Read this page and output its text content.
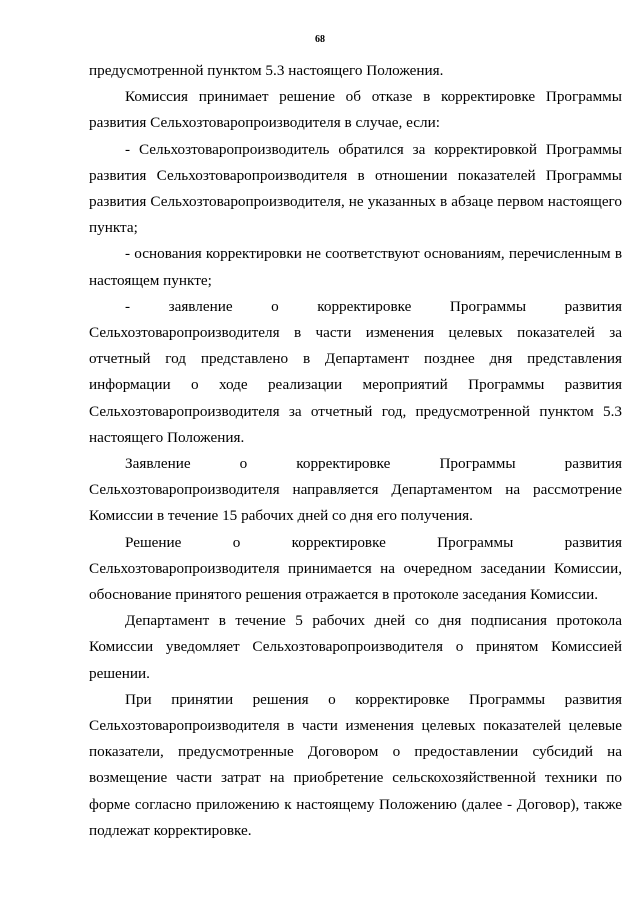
68

предусмотренной пунктом 5.3 настоящего Положения.

Комиссия принимает решение об отказе в корректировке Программы развития Сельхозтоваропроизводителя в случае, если:

- Сельхозтоваропроизводитель обратился за корректировкой Программы развития Сельхозтоваропроизводителя в отношении показателей Программы развития Сельхозтоваропроизводителя, не указанных в абзаце первом настоящего пункта;

- основания корректировки не соответствуют основаниям, перечисленным в настоящем пункте;

- заявление о корректировке Программы развития Сельхозтоваропроизводителя в части изменения целевых показателей за отчетный год представлено в Департамент позднее дня представления информации о ходе реализации мероприятий Программы развития Сельхозтоваропроизводителя за отчетный год, предусмотренной пунктом 5.3 настоящего Положения.

Заявление о корректировке Программы развития Сельхозтоваропроизводителя направляется Департаментом на рассмотрение Комиссии в течение 15 рабочих дней со дня его получения.

Решение о корректировке Программы развития Сельхозтоваропроизводителя принимается на очередном заседании Комиссии, обоснование принятого решения отражается в протоколе заседания Комиссии.

Департамент в течение 5 рабочих дней со дня подписания протокола Комиссии уведомляет Сельхозтоваропроизводителя о принятом Комиссией решении.

При принятии решения о корректировке Программы развития Сельхозтоваропроизводителя в части изменения целевых показателей целевые показатели, предусмотренные Договором о предоставлении субсидий на возмещение части затрат на приобретение сельскохозяйственной техники по форме согласно приложению к настоящему Положению (далее - Договор), также подлежат корректировке.
